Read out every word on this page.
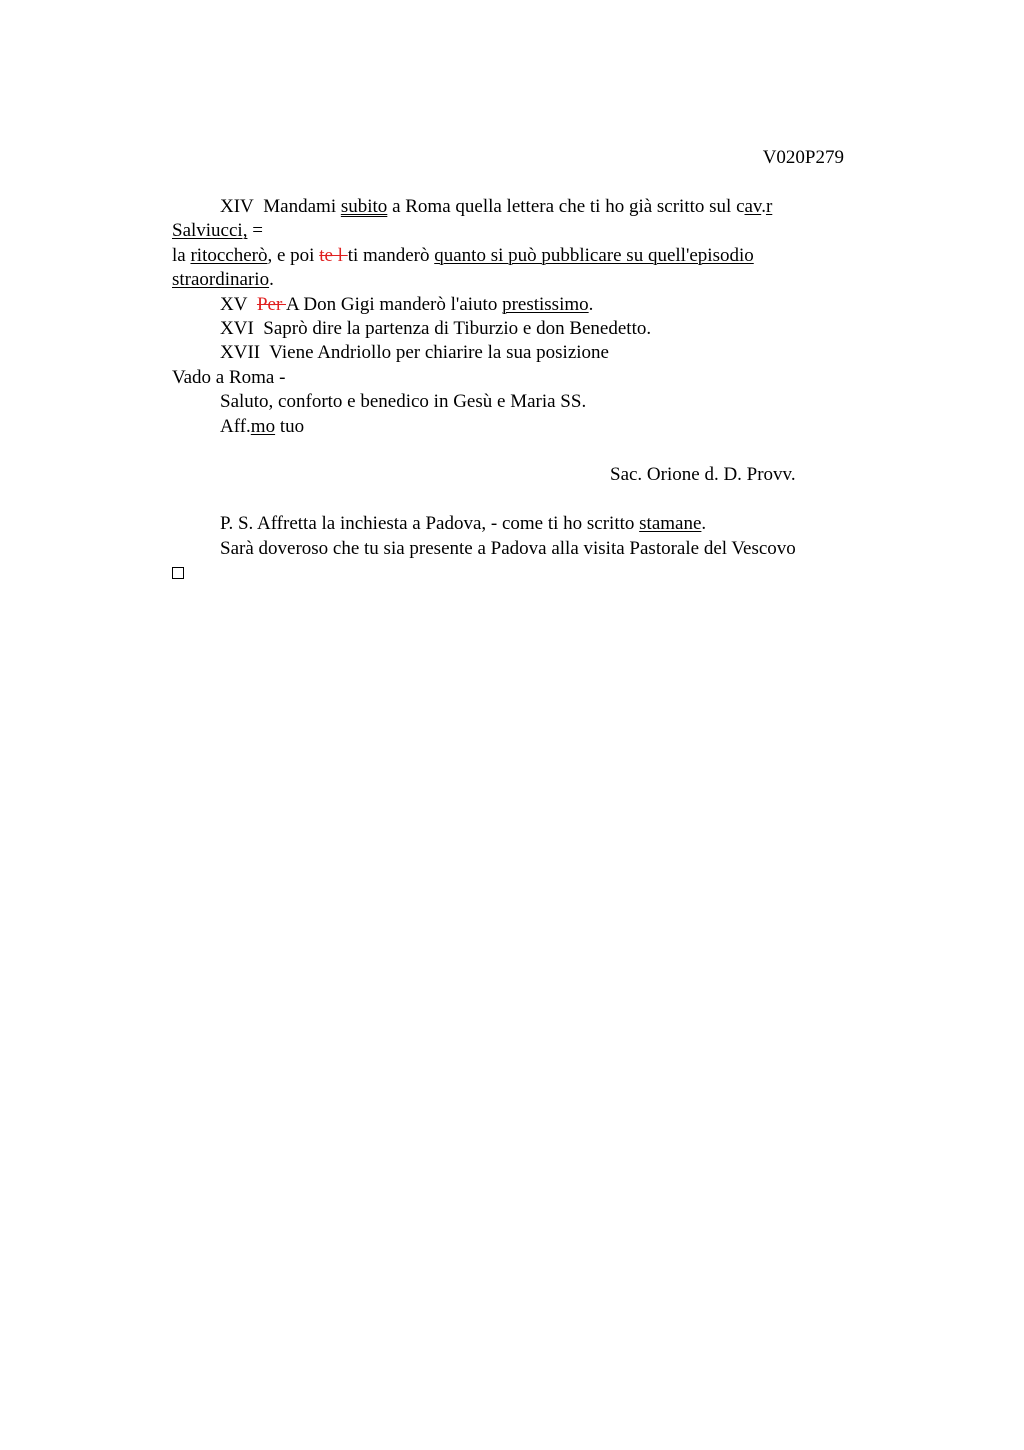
V020P279
XIV Mandami subito a Roma quella lettera che ti ho già scritto sul cav.r
Salviucci, =
la ritoccherò, e poi te l ti manderò quanto si può pubblicare su quell'episodio
straordinario.
XV Per A Don Gigi manderò l'aiuto prestissimo.
XVI Saprò dire la partenza di Tiburzio e don Benedetto.
XVII Viene Andriollo per chiarire la sua posizione
Vado a Roma -
Saluto, conforto e benedico in Gesù e Maria SS.
Aff.mo tuo
Sac. Orione d. D. Provv.
P. S. Affretta la inchiesta a Padova, - come ti ho scritto stamane.
Sarà doveroso che tu sia presente a Padova alla visita Pastorale del Vescovo
